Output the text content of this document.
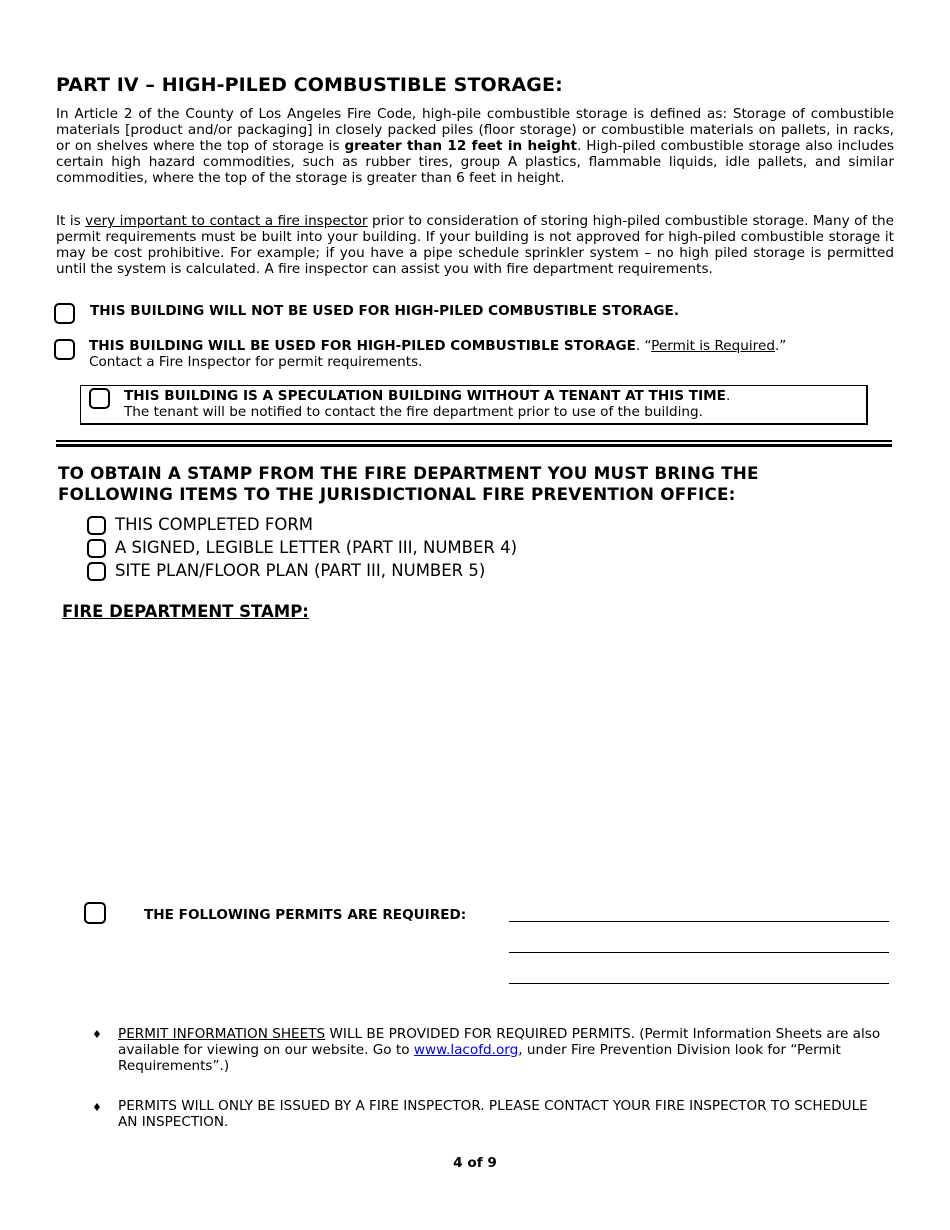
PART IV – HIGH-PILED COMBUSTIBLE STORAGE:
In Article 2 of the County of Los Angeles Fire Code, high-pile combustible storage is defined as: Storage of combustible materials [product and/or packaging] in closely packed piles (floor storage) or combustible materials on pallets, in racks, or on shelves where the top of storage is greater than 12 feet in height. High-piled combustible storage also includes certain high hazard commodities, such as rubber tires, group A plastics, flammable liquids, idle pallets, and similar commodities, where the top of the storage is greater than 6 feet in height.
It is very important to contact a fire inspector prior to consideration of storing high-piled combustible storage. Many of the permit requirements must be built into your building. If your building is not approved for high-piled combustible storage it may be cost prohibitive. For example; if you have a pipe schedule sprinkler system – no high piled storage is permitted until the system is calculated. A fire inspector can assist you with fire department requirements.
THIS BUILDING WILL NOT BE USED FOR HIGH-PILED COMBUSTIBLE STORAGE.
THIS BUILDING WILL BE USED FOR HIGH-PILED COMBUSTIBLE STORAGE. “Permit is Required.”
Contact a Fire Inspector for permit requirements.
THIS BUILDING IS A SPECULATION BUILDING WITHOUT A TENANT AT THIS TIME.
The tenant will be notified to contact the fire department prior to use of the building.
TO OBTAIN A STAMP FROM THE FIRE DEPARTMENT YOU MUST BRING THE
FOLLOWING ITEMS TO THE JURISDICTIONAL FIRE PREVENTION OFFICE:
THIS COMPLETED FORM
A SIGNED, LEGIBLE LETTER (PART III, NUMBER 4)
SITE PLAN/FLOOR PLAN (PART III, NUMBER 5)
FIRE DEPARTMENT STAMP:
THE FOLLOWING PERMITS ARE REQUIRED:
♦ PERMIT INFORMATION SHEETS WILL BE PROVIDED FOR REQUIRED PERMITS. (Permit Information Sheets are also available for viewing on our website. Go to www.lacofd.org, under Fire Prevention Division look for “Permit Requirements”.)
♦ PERMITS WILL ONLY BE ISSUED BY A FIRE INSPECTOR. PLEASE CONTACT YOUR FIRE INSPECTOR TO SCHEDULE AN INSPECTION.
4 of 9
